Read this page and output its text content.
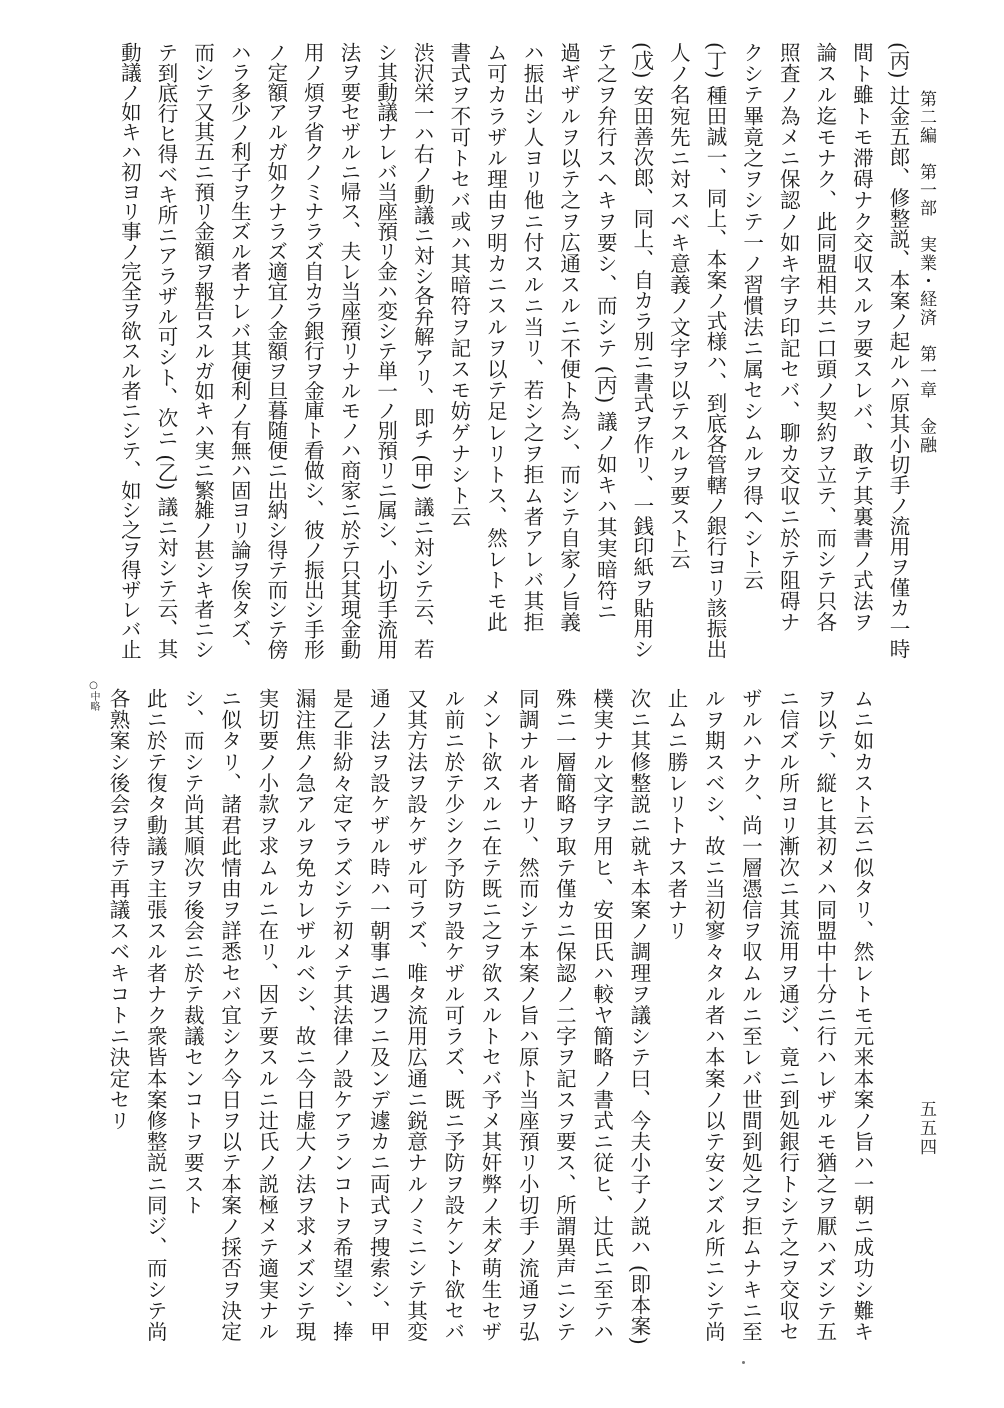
第二編　第一部　実業・経済　第一章　金融
五五四
(丙) 辻金五郎、修整説、本案ノ起ルハ原其小切手ノ流用ヲ僅カ一時
間ト雖トモ滞碍ナク交収スルヲ要スレバ、敢テ其裏書ノ式法ヲ
論スル迄モナク、此同盟相共ニ口頭ノ契約ヲ立テ、而シテ只各
照査ノ為メニ保認ノ如キ字ヲ印記セバ、聊カ交収ニ於テ阻碍ナ
クシテ畢竟之ヲシテ一ノ習慣法ニ属セシムルヲ得ヘシト云
(丁) 種田誠一、同上、本案ノ式様ハ、到底各管轄ノ銀行ヨリ該振出
人ノ名宛先ニ対スベキ意義ノ文字ヲ以テスルヲ要スト云
(戊) 安田善次郎、同上、自カラ別ニ書式ヲ作リ、一銭印紙ヲ貼用シ
テ之ヲ弁行スヘキヲ要シ、而シテ (丙) 議ノ如キハ其実暗符ニ
過ギザルヲ以テ之ヲ広通スルニ不便ト為シ、而シテ自家ノ旨義
ハ振出シ人ヨリ他ニ付スルニ当リ、若シ之ヲ拒ム者アレバ其拒
ム可カラザル理由ヲ明カニスルヲ以テ足レリトス、然レトモ此
書式ヲ不可トセバ或ハ其暗符ヲ記スモ妨ゲナシト云
渋沢栄一ハ右ノ動議ニ対シ各弁解アリ、即チ (甲) 議ニ対シテ云、若
シ其動議ナレバ当座預リ金ハ変シテ単一ノ別預リニ属シ、小切手流用
法ヲ要セザルニ帰ス、夫レ当座預リナルモノハ商家ニ於テ只其現金動
用ノ煩ヲ省クノミナラズ自カラ銀行ヲ金庫ト看做シ、彼ノ振出シ手形
ノ定額アルガ如クナラズ適宜ノ金額ヲ旦暮随便ニ出納シ得テ而シテ傍
ハラ多少ノ利子ヲ生ズル者ナレバ其便利ノ有無ハ固ヨリ論ヲ俟タズ、
而シテ又其五ニ預リ金額ヲ報告スルガ如キハ実ニ繁雑ノ甚シキ者ニシ
テ到底行ヒ得ベキ所ニアラザル可シト、次ニ (乙) 議ニ対シテ云、其
動議ノ如キハ初ヨリ事ノ完全ヲ欲スル者ニシテ、如シ之ヲ得ザレバ止
ムニ如カスト云ニ似タリ、然レトモ元来本案ノ旨ハ一朝ニ成功シ難キ
ヲ以テ、縦ヒ其初メハ同盟中十分ニ行ハレザルモ猶之ヲ厭ハズシテ五
ニ信ズル所ヨリ漸次ニ其流用ヲ通ジ、竟ニ到処銀行トシテ之ヲ交収セ
ザルハナク、尚一層憑信ヲ収ムルニ至レバ世間到処之ヲ拒ムナキニ至
ルヲ期スベシ、故ニ当初寥々タル者ハ本案ノ以テ安ンズル所ニシテ尚
止ムニ勝レリトナス者ナリ
次ニ其修整説ニ就キ本案ノ調理ヲ議シテ曰、今夫小子ノ説ハ (即本案)
樸実ナル文字ヲ用ヒ、安田氏ハ較ヤ簡略ノ書式ニ従ヒ、辻氏ニ至テハ
殊ニ一層簡略ヲ取テ僅カニ保認ノ二字ヲ記スヲ要ス、所謂異声ニシテ
同調ナル者ナリ、然而シテ本案ノ旨ハ原ト当座預リ小切手ノ流通ヲ弘
メント欲スルニ在テ既ニ之ヲ欲スルトセバ予メ其奸弊ノ未ダ萌生セザ
ル前ニ於テ少シク予防ヲ設ケザル可ラズ、既ニ予防ヲ設ケント欲セバ
又其方法ヲ設ケザル可ラズ、唯タ流用広通ニ鋭意ナルノミニシテ其変
通ノ法ヲ設ケザル時ハ一朝事ニ遇フニ及ンデ遽カニ両式ヲ捜索シ、甲
是乙非紛々定マラズシテ初メテ其法律ノ設ケアランコトヲ希望シ、捧
漏注焦ノ急アルヲ免カレザルベシ、故ニ今日虚大ノ法ヲ求メズシテ現
実切要ノ小款ヲ求ムルニ在リ、因テ要スルニ辻氏ノ説極メテ適実ナル
ニ似タリ、諸君此情由ヲ詳悉セバ宜シク今日ヲ以テ本案ノ採否ヲ決定
シ、而シテ尚其順次ヲ後会ニ於テ裁議センコトヲ要スト
此ニ於テ復タ動議ヲ主張スル者ナク衆皆本案修整説ニ同ジ、而シテ尚
各熟案シ後会ヲ待テ再議スベキコトニ決定セリ
○中略
